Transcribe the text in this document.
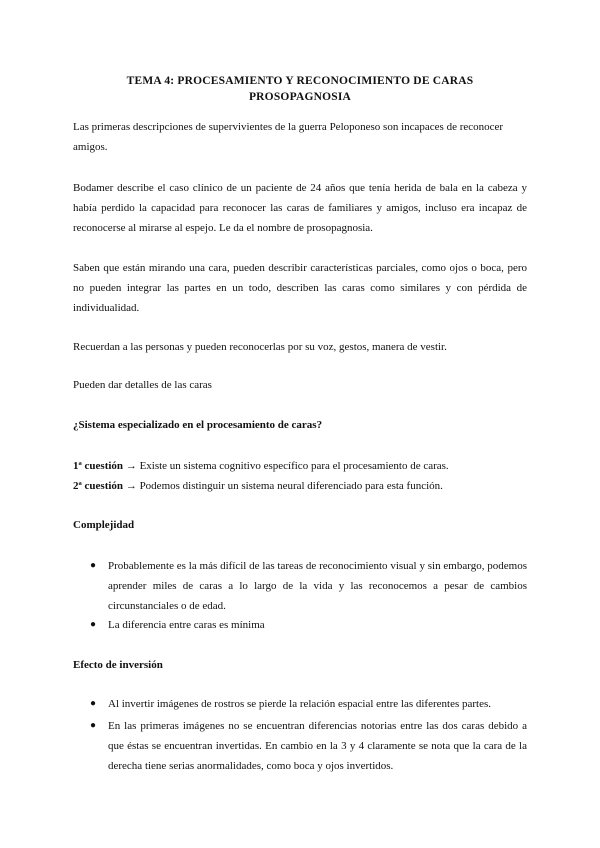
TEMA 4: PROCESAMIENTO Y RECONOCIMIENTO DE CARAS
PROSOPAGNOSIA
Las primeras descripciones de supervivientes de la guerra Peloponeso son incapaces de reconocer amigos.
Bodamer describe el caso clínico de un paciente de 24 años que tenía herida de bala en la cabeza y había perdido la capacidad para reconocer las caras de familiares y amigos, incluso era incapaz de reconocerse al mirarse al espejo. Le da el nombre de prosopagnosia.
Saben que están mirando una cara, pueden describir características parciales, como ojos o boca, pero no pueden integrar las partes en un todo, describen las caras como similares y con pérdida de individualidad.
Recuerdan a las personas y pueden reconocerlas por su voz, gestos, manera de vestir.
Pueden dar detalles de las caras
¿Sistema especializado en el procesamiento de caras?
1ª cuestión → Existe un sistema cognitivo específico para el procesamiento de caras.
2ª cuestión → Podemos distinguir un sistema neural diferenciado para esta función.
Complejidad
●	Probablemente es la más difícil de las tareas de reconocimiento visual y sin embargo, podemos aprender miles de caras a lo largo de la vida y las reconocemos a pesar de cambios circunstanciales o de edad.
●	La diferencia entre caras es mínima
Efecto de inversión
●	Al invertir imágenes de rostros se pierde la relación espacial entre las diferentes partes.
●	En las primeras imágenes no se encuentran diferencias notorias entre las dos caras debido a que éstas se encuentran invertidas. En cambio en la 3 y 4 claramente se nota que la cara de la derecha tiene serias anormalidades, como boca y ojos invertidos.
